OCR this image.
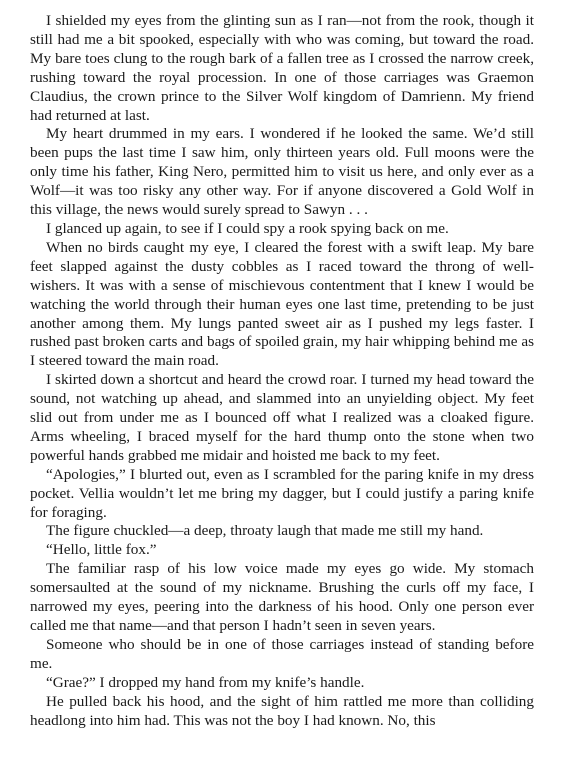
I shielded my eyes from the glinting sun as I ran—not from the rook, though it still had me a bit spooked, especially with who was coming, but toward the road. My bare toes clung to the rough bark of a fallen tree as I crossed the narrow creek, rushing toward the royal procession. In one of those carriages was Graemon Claudius, the crown prince to the Silver Wolf kingdom of Damrienn. My friend had returned at last.

My heart drummed in my ears. I wondered if he looked the same. We’d still been pups the last time I saw him, only thirteen years old. Full moons were the only time his father, King Nero, permitted him to visit us here, and only ever as a Wolf—it was too risky any other way. For if anyone discovered a Gold Wolf in this village, the news would surely spread to Sawyn . . .

I glanced up again, to see if I could spy a rook spying back on me.

When no birds caught my eye, I cleared the forest with a swift leap. My bare feet slapped against the dusty cobbles as I raced toward the throng of well-wishers. It was with a sense of mischievous contentment that I knew I would be watching the world through their human eyes one last time, pretending to be just another among them. My lungs panted sweet air as I pushed my legs faster. I rushed past broken carts and bags of spoiled grain, my hair whipping behind me as I steered toward the main road.

I skirted down a shortcut and heard the crowd roar. I turned my head toward the sound, not watching up ahead, and slammed into an unyielding object. My feet slid out from under me as I bounced off what I realized was a cloaked figure. Arms wheeling, I braced myself for the hard thump onto the stone when two powerful hands grabbed me midair and hoisted me back to my feet.

“Apologies,” I blurted out, even as I scrambled for the paring knife in my dress pocket. Vellia wouldn’t let me bring my dagger, but I could justify a paring knife for foraging.

The figure chuckled—a deep, throaty laugh that made me still my hand.

“Hello, little fox.”

The familiar rasp of his low voice made my eyes go wide. My stomach somersaulted at the sound of my nickname. Brushing the curls off my face, I narrowed my eyes, peering into the darkness of his hood. Only one person ever called me that name—and that person I hadn’t seen in seven years.

Someone who should be in one of those carriages instead of standing before me.

“Grae?” I dropped my hand from my knife’s handle.

He pulled back his hood, and the sight of him rattled me more than colliding headlong into him had. This was not the boy I had known. No, this
